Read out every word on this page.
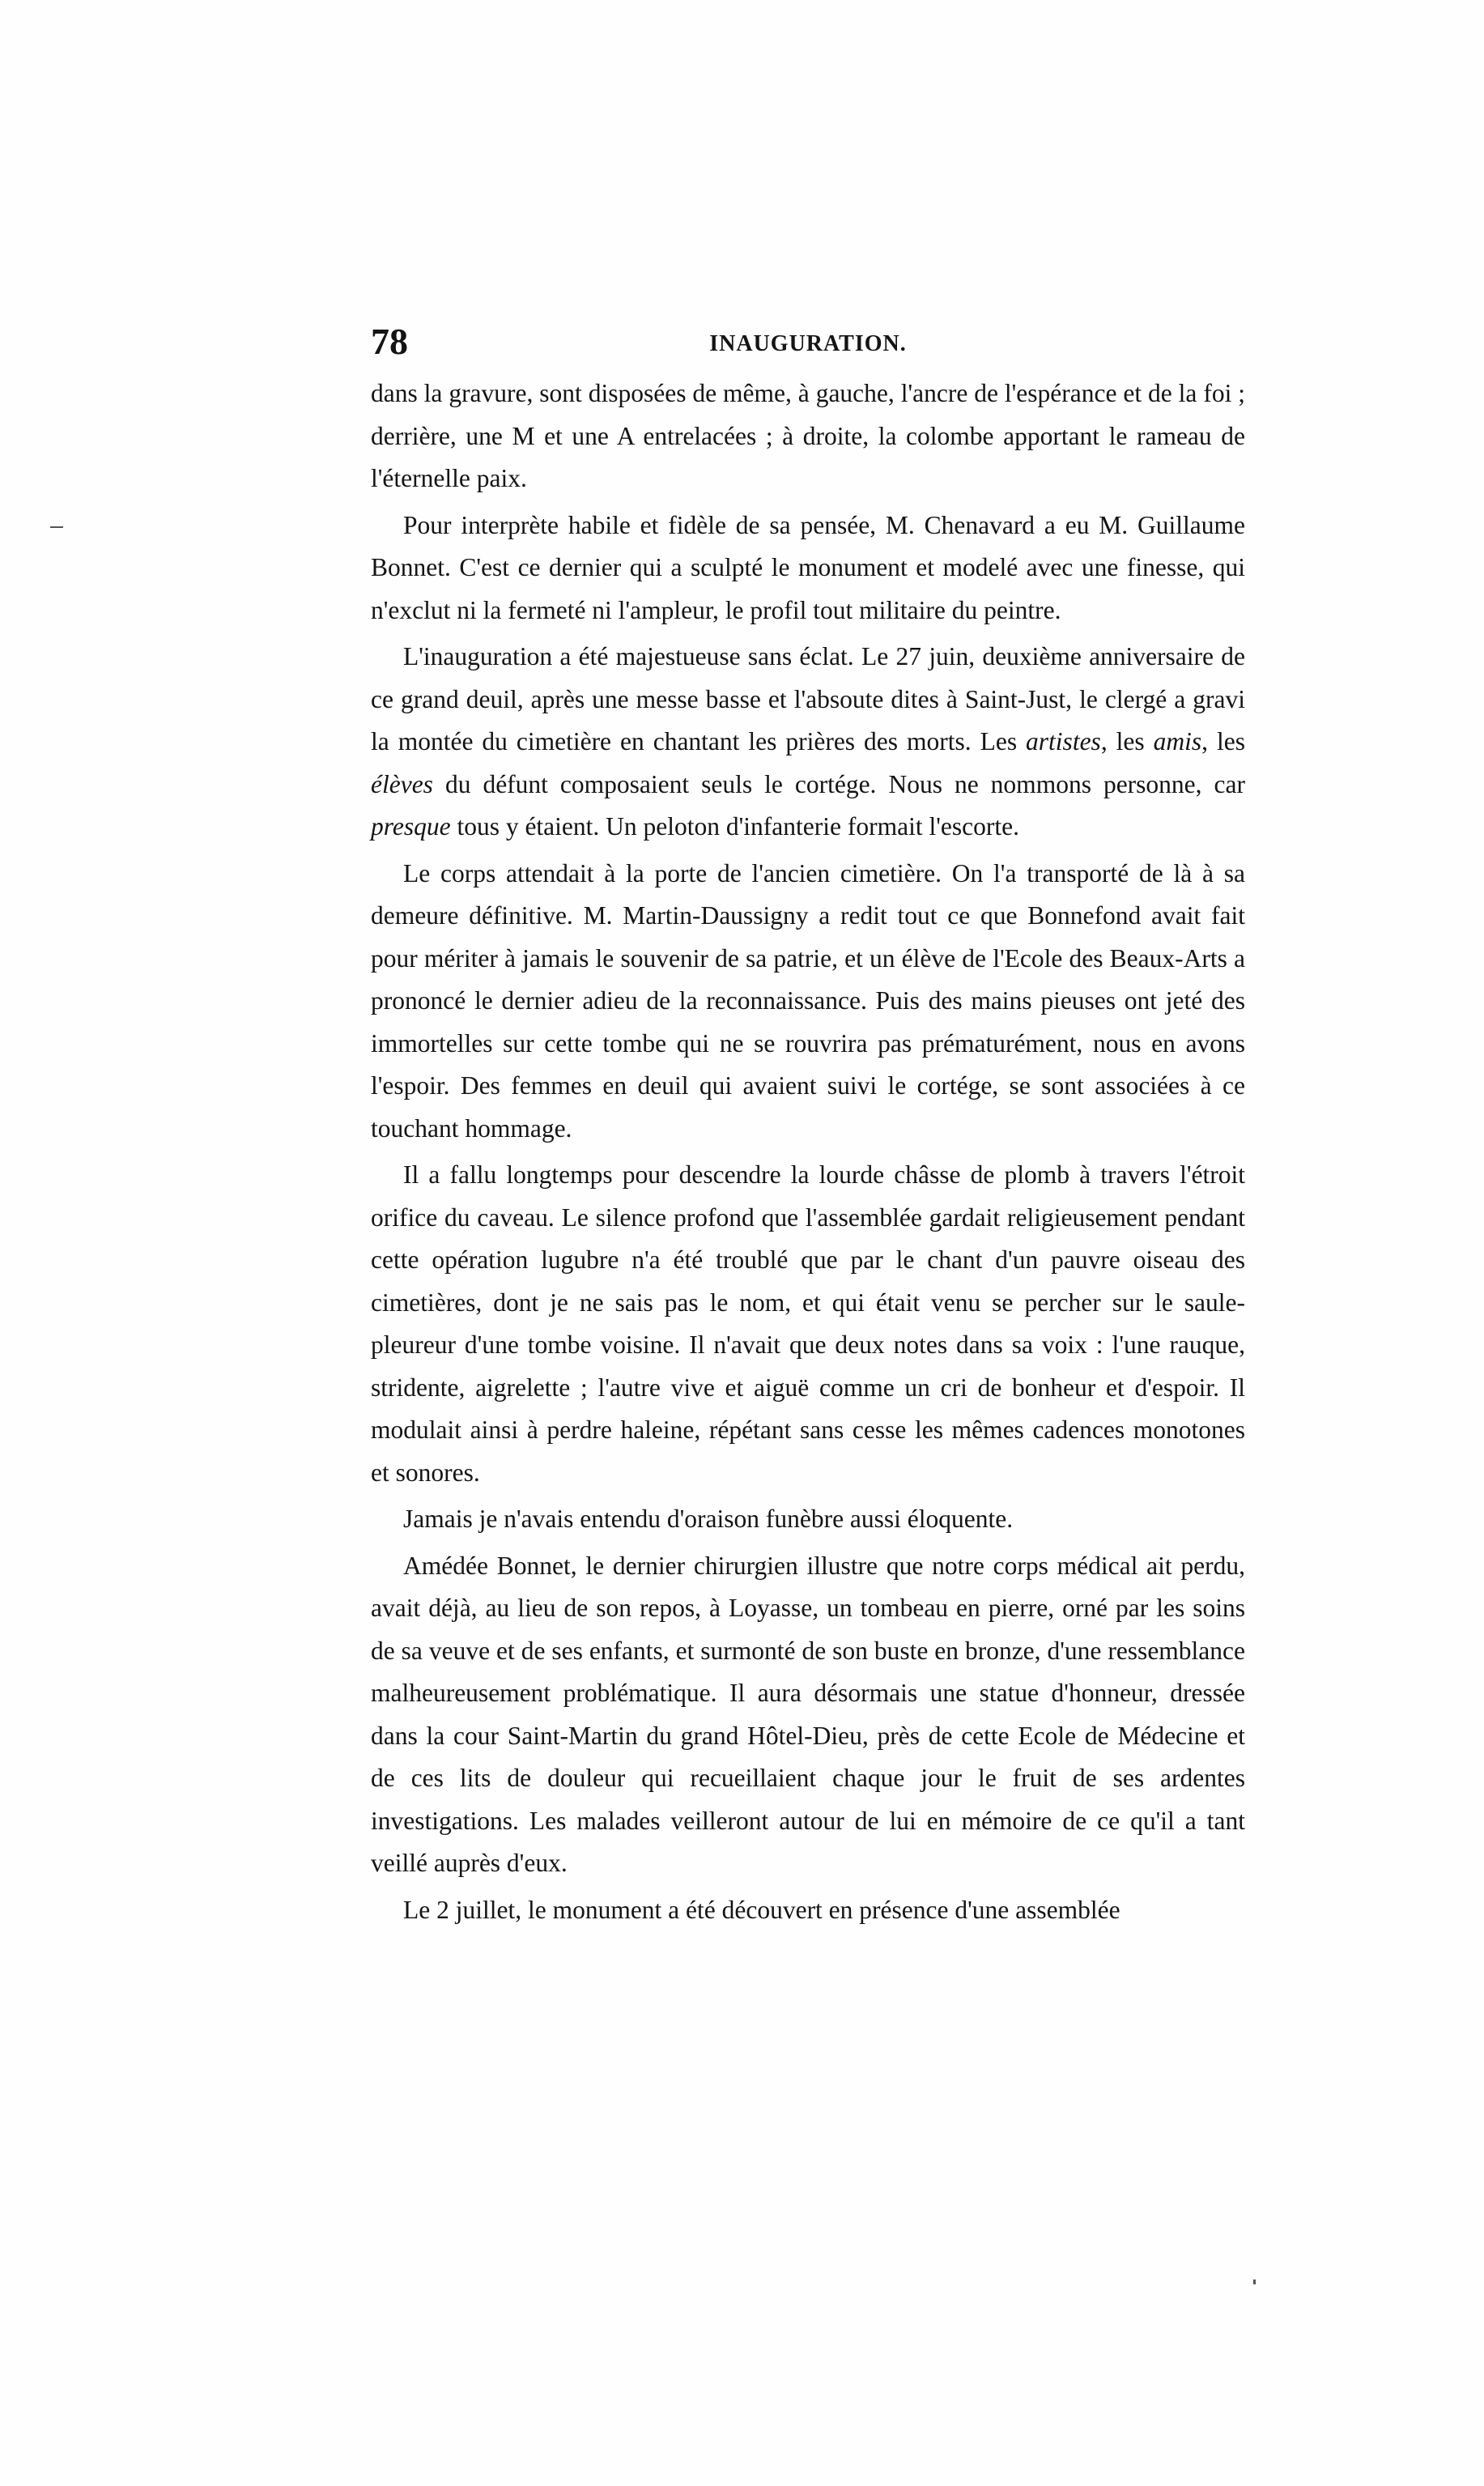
78	INAUGURATION.

dans la gravure, sont disposées de même, à gauche, l'ancre de l'espérance et de la foi ; derrière, une M et une A entrelacées ; à droite, la colombe apportant le rameau de l'éternelle paix.

Pour interprète habile et fidèle de sa pensée, M. Chenavard a eu M. Guillaume Bonnet. C'est ce dernier qui a sculpté le monument et modelé avec une finesse, qui n'exclut ni la fermeté ni l'ampleur, le profil tout militaire du peintre.

L'inauguration a été majestueuse sans éclat. Le 27 juin, deuxième anniversaire de ce grand deuil, après une messe basse et l'absoute dites à Saint-Just, le clergé a gravi la montée du cimetière en chantant les prières des morts. Les artistes, les amis, les élèves du défunt composaient seuls le cortége. Nous ne nommons personne, car presque tous y étaient. Un peloton d'infanterie formait l'escorte.

Le corps attendait à la porte de l'ancien cimetière. On l'a transporté de là à sa demeure définitive. M. Martin-Daussigny a redit tout ce que Bonnefond avait fait pour mériter à jamais le souvenir de sa patrie, et un élève de l'Ecole des Beaux-Arts a prononcé le dernier adieu de la reconnaissance. Puis des mains pieuses ont jeté des immortelles sur cette tombe qui ne se rouvrira pas prématurément, nous en avons l'espoir. Des femmes en deuil qui avaient suivi le cortége, se sont associées à ce touchant hommage.

Il a fallu longtemps pour descendre la lourde châsse de plomb à travers l'étroit orifice du caveau. Le silence profond que l'assemblée gardait religieusement pendant cette opération lugubre n'a été troublé que par le chant d'un pauvre oiseau des cimetières, dont je ne sais pas le nom, et qui était venu se percher sur le saule-pleureur d'une tombe voisine. Il n'avait que deux notes dans sa voix : l'une rauque, stridente, aigrelette ; l'autre vive et aiguë comme un cri de bonheur et d'espoir. Il modulait ainsi à perdre haleine, répétant sans cesse les mêmes cadences monotones et sonores.

Jamais je n'avais entendu d'oraison funèbre aussi éloquente.

Amédée Bonnet, le dernier chirurgien illustre que notre corps médical ait perdu, avait déjà, au lieu de son repos, à Loyasse, un tombeau en pierre, orné par les soins de sa veuve et de ses enfants, et surmonté de son buste en bronze, d'une ressemblance malheureusement problématique. Il aura désormais une statue d'honneur, dressée dans la cour Saint-Martin du grand Hôtel-Dieu, près de cette Ecole de Médecine et de ces lits de douleur qui recueillaient chaque jour le fruit de ses ardentes investigations. Les malades veilleront autour de lui en mémoire de ce qu'il a tant veillé auprès d'eux.

Le 2 juillet, le monument a été découvert en présence d'une assemblée
